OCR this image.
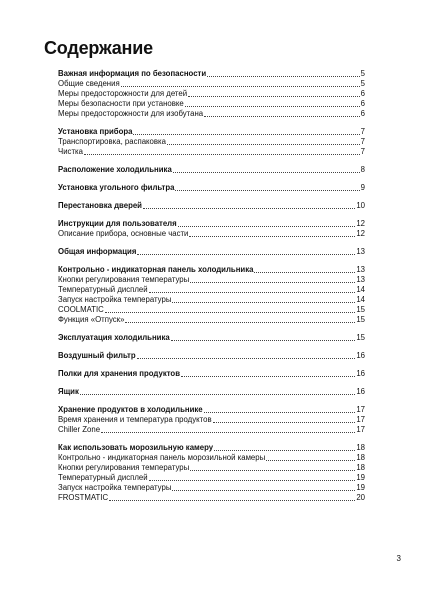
Содержание
Важная информация по безопасности	5
Общие сведения	5
Меры предосторожности для детей	6
Меры безопасности при установке	6
Меры предосторожности для изобутана	6
Установка прибора	7
Транспортировка, распаковка	7
Чистка	7
Расположение холодильника	8
Установка угольного фильтра	9
Перестановка дверей	10
Инструкции для пользователя	12
Описание прибора, основные части	12
Общая информация	13
Контрольно - индикаторная панель холодильника	13
Кнопки регулирования температуры	13
Температурный дисплей	14
Запуск настройка температуры	14
COOLMATIC	15
Функция «Отпуск»	15
Эксплуатация холодильника	15
Воздушный фильтр	16
Полки для хранения продуктов	16
Ящик	16
Хранение продуктов в холодильнике	17
Время хранения и температура продуктов	17
Chiller Zone	17
Как использовать морозильную камеру	18
Контрольно - индикаторная панель морозильной камеры	18
Кнопки регулирования температуры	18
Температурный дисплей	19
Запуск настройка температуры	19
FROSTMATIC	20
3
